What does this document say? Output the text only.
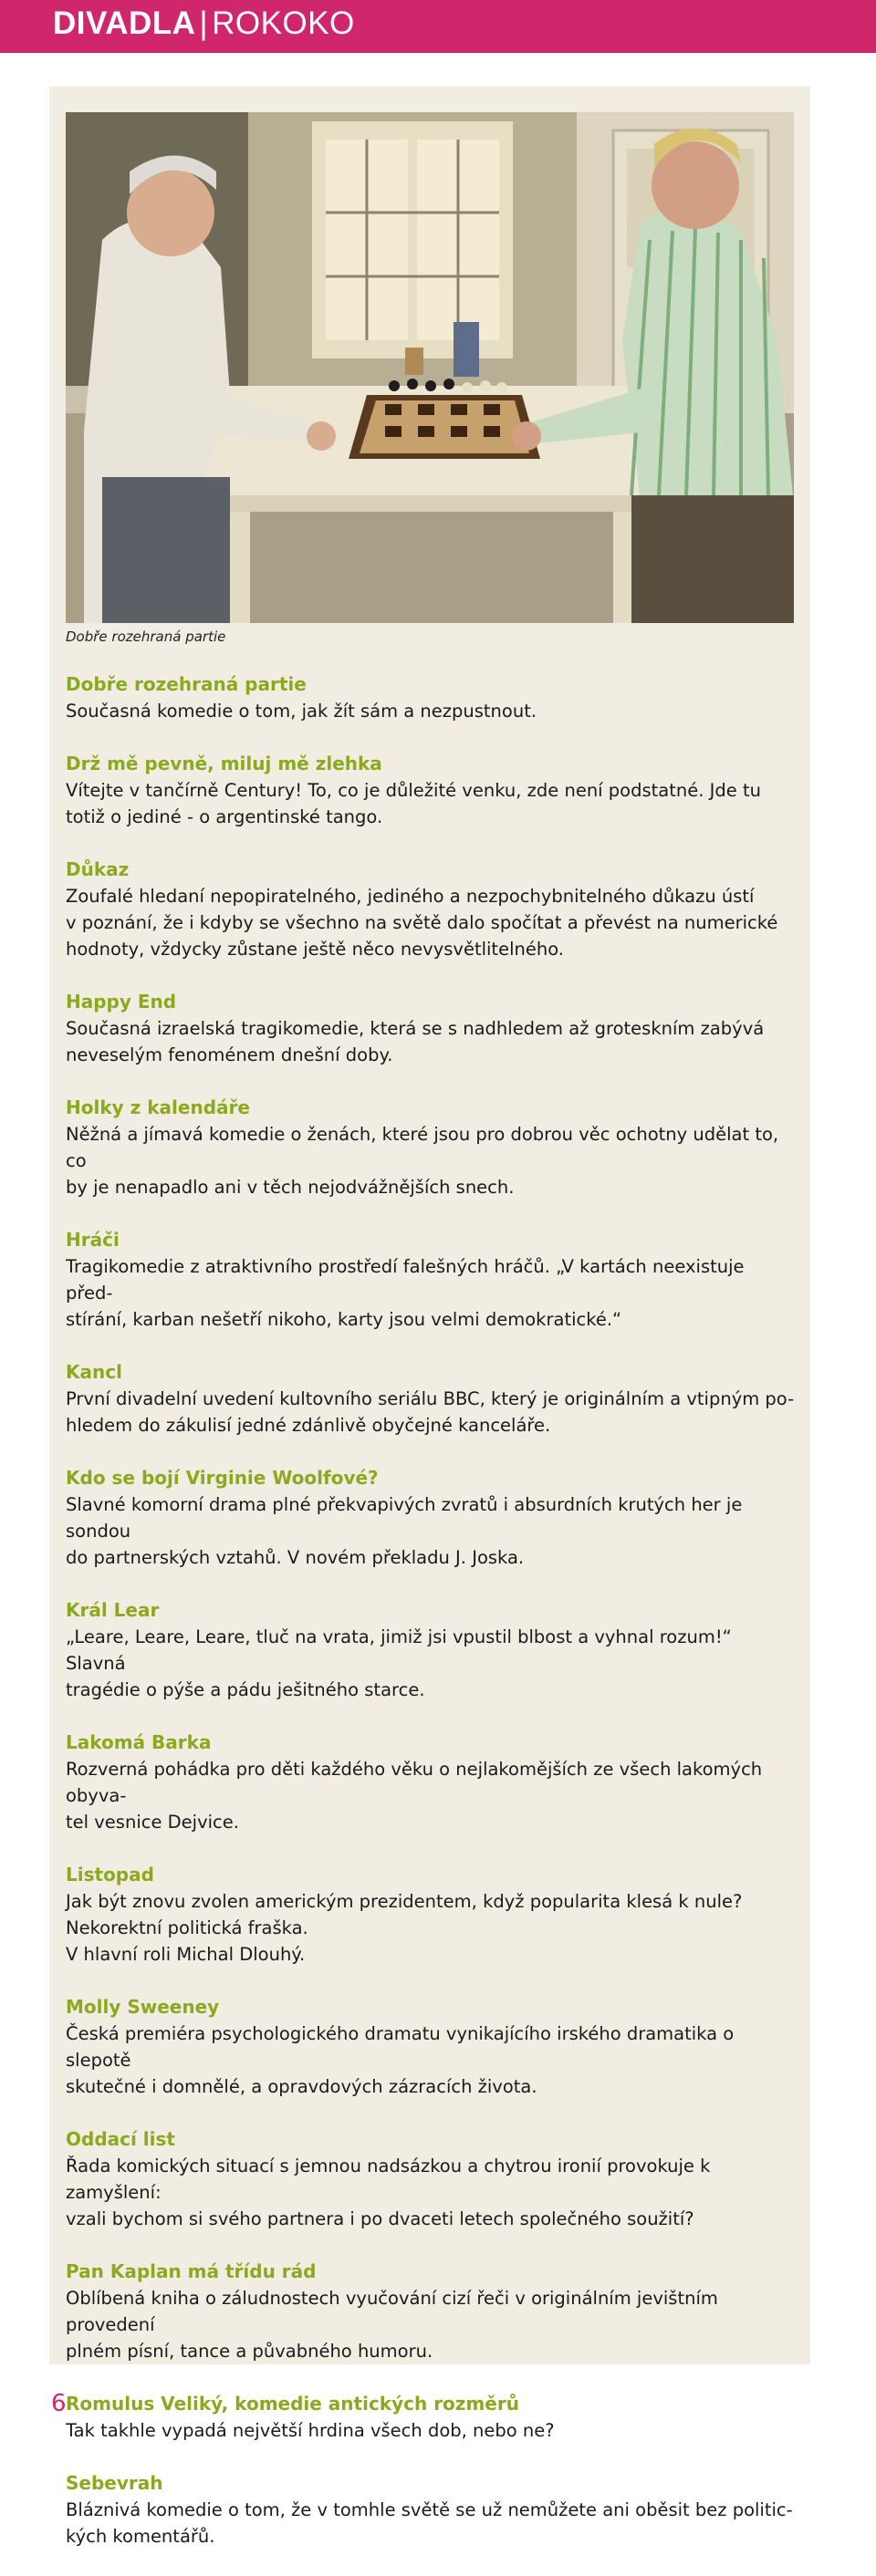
DIVADLA | ROKOKO
Dobře rozehraná partie
Dobře rozehraná partie
Současná komedie o tom, jak žít sám a nezpustnout.
Drž mě pevně, miluj mě zlehka
Vítejte v tančírně Century! To, co je důležité venku, zde není podstatné. Jde tu
totiž o jediné - o argentinské tango.
Důkaz
Zoufalé hledaní nepopiratelného, jediného a nezpochybnitelného důkazu ústí
v poznání, že i kdyby se všechno na světě dalo spočítat a převést na numerické
hodnoty, vždycky zůstane ještě něco nevysvětlitelného.
Happy End
Současná izraelská tragikomedie, která se s nadhledem až groteskním zabývá
neveselým fenoménem dnešní doby.
Holky z kalendáře
Něžná a jímavá komedie o ženách, které jsou pro dobrou věc ochotny udělat to, co
by je nenapadlo ani v těch nejodvážnějších snech.
Hráči
Tragikomedie z atraktivního prostředí falešných hráčů. „V kartách neexistuje před-
stírání, karban nešetří nikoho, karty jsou velmi demokratické.“
Kancl
První divadelní uvedení kultovního seriálu BBC, který je originálním a vtipným po-
hledem do zákulisí jedné zdánlivě obyčejné kanceláře.
Kdo se bojí Virginie Woolfové?
Slavné komorní drama plné překvapivých zvratů i absurdních krutých her je sondou
do partnerských vztahů. V novém překladu J. Joska.
Král Lear
„Leare, Leare, Leare, tluč na vrata, jimiž jsi vpustil blbost a vyhnal rozum!“ Slavná
tragédie o pýše a pádu ješitného starce.
Lakomá Barka
Rozverná pohádka pro děti každého věku o nejlakomějších ze všech lakomých obyva-
tel vesnice Dejvice.
Listopad
Jak být znovu zvolen americkým prezidentem, když popularita klesá k nule?
Nekorektní politická fraška.
V hlavní roli Michal Dlouhý.
Molly Sweeney
Česká premiéra psychologického dramatu vynikajícího irského dramatika o slepotě
skutečné i domnělé, a opravdových zázracích života.
Oddací list
Řada komických situací s jemnou nadsázkou a chytrou ironií provokuje k zamyšlení:
vzali bychom si svého partnera i po dvaceti letech společného soužití?
Pan Kaplan má třídu rád
Oblíbená kniha o záludnostech vyučování cizí řeči v originálním jevištním provedení
plném písní, tance a půvabného humoru.
Romulus Veliký, komedie antických rozměrů
Tak takhle vypadá největší hrdina všech dob, nebo ne?
Sebevrah
Bláznivá komedie o tom, že v tomhle světě se už nemůžete ani oběsit bez politic-
kých komentářů.
6
